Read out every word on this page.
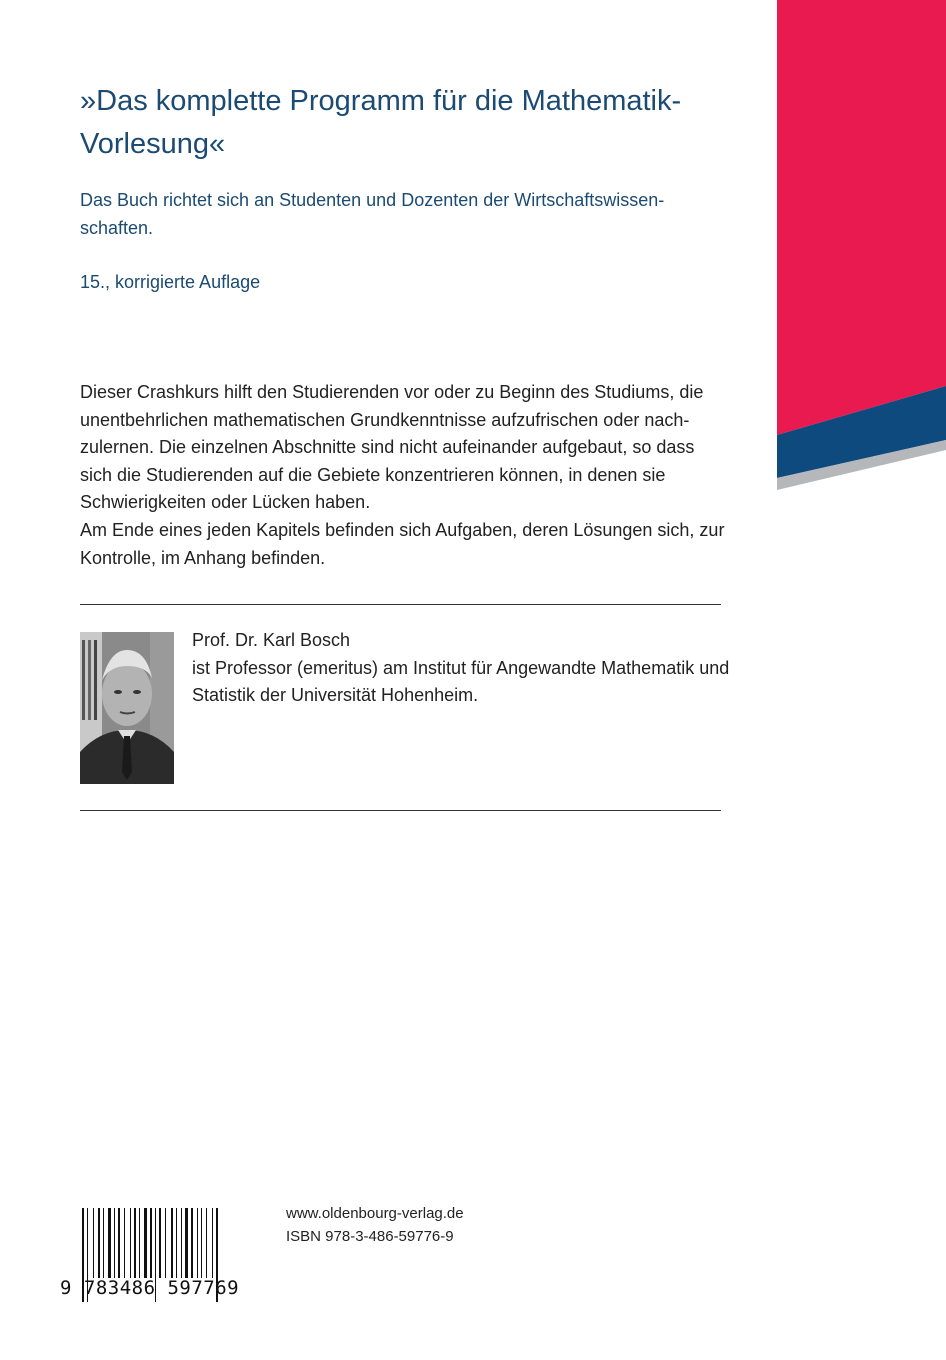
»Das komplette Programm für die Mathematik-Vorlesung«

Das Buch richtet sich an Studenten und Dozenten der Wirtschaftswissen-schaften.

15., korrigierte Auflage

Dieser Crashkurs hilft den Studierenden vor oder zu Beginn des Studiums, die unentbehrlichen mathematischen Grundkenntnisse aufzufrischen oder nach-zulernen. Die einzelnen Abschnitte sind nicht aufeinander aufgebaut, so dass sich die Studierenden auf die Gebiete konzentrieren können, in denen sie Schwierigkeiten oder Lücken haben.
Am Ende eines jeden Kapitels befinden sich Aufgaben, deren Lösungen sich, zur Kontrolle, im Anhang befinden.
Prof. Dr. Karl Bosch
ist Professor (emeritus) am Institut für Angewandte Mathematik und Statistik der Universität Hohenheim.
9 783486 597769
www.oldenbourg-verlag.de
ISBN 978-3-486-59776-9
